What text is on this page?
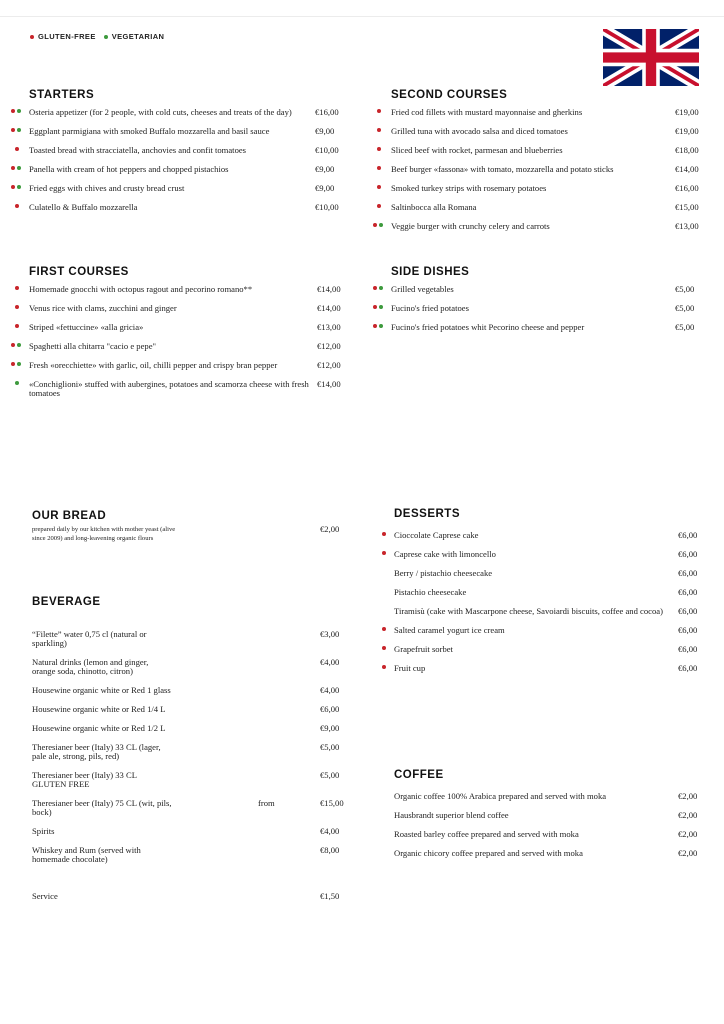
GLUTEN-FREE VEGETARIAN
STARTERS
Osteria appetizer (for 2 people, with cold cuts, cheeses and treats of the day)	€16,00
Eggplant parmigiana with smoked Buffalo mozzarella and basil sauce	€9,00
Toasted bread with stracciatella, anchovies and confit tomatoes	€10,00
Panella with cream of hot peppers and chopped pistachios	€9,00
Fried eggs with chives and crusty bread crust	€9,00
Culatello & Buffalo mozzarella	€10,00
FIRST COURSES
Homemade gnocchi with octopus ragout and pecorino romano**	€14,00
Venus rice with clams, zucchini and ginger	€14,00
Striped «fettuccine» «alla gricia»	€13,00
Spaghetti alla chitarra "cacio e pepe"	€12,00
Fresh «orecchiette» with garlic, oil, chilli pepper and crispy bran pepper	€12,00
«Conchiglioni» stuffed with aubergines, potatoes and scamorza cheese with fresh tomatoes
€14,00
SECOND COURSES
Fried cod fillets with mustard mayonnaise and gherkins	€19,00
Grilled tuna with avocado salsa and diced tomatoes	€19,00
Sliced beef with rocket, parmesan and blueberries	€18,00
Beef burger «fassona» with tomato, mozzarella and potato sticks	€14,00
Smoked turkey strips with rosemary potatoes	€16,00
Saltinbocca alla Romana	€15,00
Veggie burger with crunchy celery and carrots	€13,00
SIDE DISHES
Grilled vegetables	€5,00
Fucino's fried potatoes	€5,00
Fucino's fried potatoes whit Pecorino cheese and pepper	€5,00
OUR BREAD
prepared daily by our kitchen with mother yeast (alive since 2009) and long-leavening organic flours
€2,00
BEVERAGE
“Filette” water 0,75 cl (natural or sparkling)
€3,00
Natural drinks (lemon and ginger, orange soda, chinotto, citron)
€4,00
Housewine organic white or Red 1 glass	€4,00
Housewine organic white or Red 1/4 L	€6,00
Housewine organic white or Red 1/2 L	€9,00
Theresianer beer (Italy) 33 CL (lager, pale ale, strong, pils, red)
€5,00
Theresianer beer (Italy) 33 CL GLUTEN FREE
€5,00
Theresianer beer (Italy) 75 CL (wit, pils, bock)
from	€15,00
Spirits	€4,00
Whiskey and Rum (served with homemade chocolate)
€8,00
Service	€1,50
DESSERTS
Cioccolate Caprese cake	€6,00
Caprese cake with limoncello	€6,00
Berry / pistachio cheesecake	€6,00
Pistachio cheesecake	€6,00
Tiramisù (cake with Mascarpone cheese, Savoiardi biscuits, coffee and cocoa)	€6,00
Salted caramel yogurt ice cream	€6,00
Grapefruit sorbet	€6,00
Fruit cup	€6,00
COFFEE
Organic coffee 100% Arabica prepared and served with moka	€2,00
Hausbrandt superior blend coffee	€2,00
Roasted barley coffee prepared and served with moka	€2,00
Organic chicory coffee prepared and served with moka	€2,00
